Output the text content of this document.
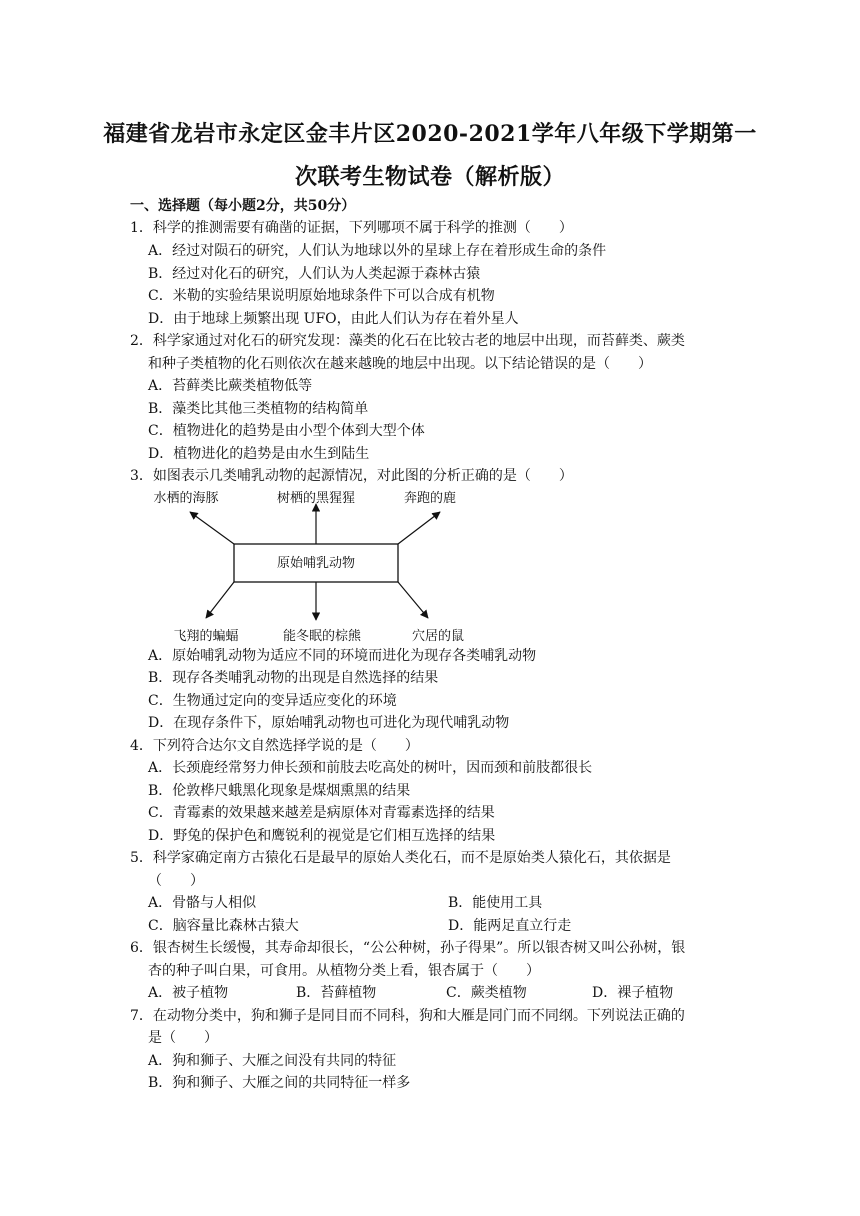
福建省龙岩市永定区金丰片区2020-2021学年八年级下学期第一
次联考生物试卷（解析版）
一、选择题（每小题2分，共50分）
1．科学的推测需要有确凿的证据，下列哪项不属于科学的推测（　　）
A．经过对陨石的研究，人们认为地球以外的星球上存在着形成生命的条件
B．经过对化石的研究，人们认为人类起源于森林古猿
C．米勒的实验结果说明原始地球条件下可以合成有机物
D．由于地球上频繁出现 UFO，由此人们认为存在着外星人
2．科学家通过对化石的研究发现：藻类的化石在比较古老的地层中出现，而苔藓类、蕨类
和种子类植物的化石则依次在越来越晚的地层中出现。以下结论错误的是（　　）
A．苔藓类比蕨类植物低等
B．藻类比其他三类植物的结构简单
C．植物进化的趋势是由小型个体到大型个体
D．植物进化的趋势是由水生到陆生
3．如图表示几类哺乳动物的起源情况，对此图的分析正确的是（　　）
原始哺乳动物
水栖的海豚	树栖的黑猩猩	奔跑的鹿
飞翔的蝙蝠	能冬眠的棕熊	穴居的鼠
A．原始哺乳动物为适应不同的环境而进化为现存各类哺乳动物
B．现存各类哺乳动物的出现是自然选择的结果
C．生物通过定向的变异适应变化的环境
D．在现存条件下，原始哺乳动物也可进化为现代哺乳动物
4．下列符合达尔文自然选择学说的是（　　）
A．长颈鹿经常努力伸长颈和前肢去吃高处的树叶，因而颈和前肢都很长
B．伦敦桦尺蛾黑化现象是煤烟熏黑的结果
C．青霉素的效果越来越差是病原体对青霉素选择的结果
D．野兔的保护色和鹰锐利的视觉是它们相互选择的结果
5．科学家确定南方古猿化石是最早的原始人类化石，而不是原始类人猿化石，其依据是
（　　）
A．骨骼与人相似	B．能使用工具
C．脑容量比森林古猿大	D．能两足直立行走
6．银杏树生长缓慢，其寿命却很长，“公公种树，孙子得果”。所以银杏树又叫公孙树，银
杏的种子叫白果，可食用。从植物分类上看，银杏属于（　　）
A．被子植物	B．苔藓植物	C．蕨类植物	D．裸子植物
7．在动物分类中，狗和狮子是同目而不同科，狗和大雁是同门而不同纲。下列说法正确的
是（　　）
A．狗和狮子、大雁之间没有共同的特征
B．狗和狮子、大雁之间的共同特征一样多
